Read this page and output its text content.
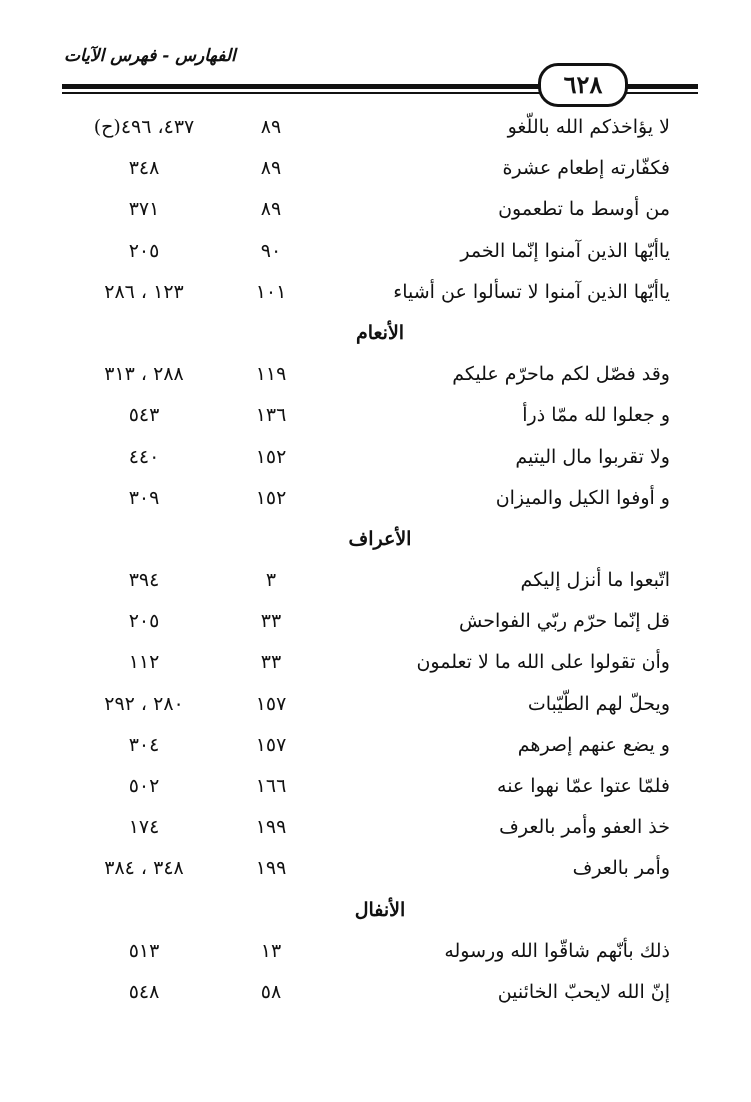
الفهارس - فهرس الآيات
٦٢٨
لا يؤاخذكم الله باللّغو
٨٩
٤٣٧، ٤٩٦(ح)
فكفّارته إطعام عشرة
٨٩
٣٤٨
من أوسط ما تطعمون
٨٩
٣٧١
ياأيّها الذين آمنوا إنّما الخمر
٩٠
٢٠٥
ياأيّها الذين آمنوا لا تسألوا عن أشياء
١٠١
١٢٣ ، ٢٨٦
الأنعام
وقد فصّل لكم ماحرّم عليكم
١١٩
٢٨٨ ، ٣١٣
و جعلوا لله ممّا ذرأ
١٣٦
٥٤٣
ولا تقربوا مال اليتيم
١٥٢
٤٤٠
و أوفوا الكيل والميزان
١٥٢
٣٠٩
الأعراف
اتّبعوا ما أنزل إليكم
٣
٣٩٤
قل إنّما حرّم ربّي الفواحش
٣٣
٢٠٥
وأن تقولوا على الله ما لا تعلمون
٣٣
١١٢
ويحلّ لهم الطّيّبات
١٥٧
٢٨٠ ، ٢٩٢
و يضع عنهم إصرهم
١٥٧
٣٠٤
فلمّا عتوا عمّا نهوا عنه
١٦٦
٥٠٢
خذ العفو وأمر بالعرف
١٩٩
١٧٤
وأمر بالعرف
١٩٩
٣٤٨ ، ٣٨٤
الأنفال
ذلك بأنّهم شاقّوا الله ورسوله
١٣
٥١٣
إنّ الله لايحبّ الخائنين
٥٨
٥٤٨
